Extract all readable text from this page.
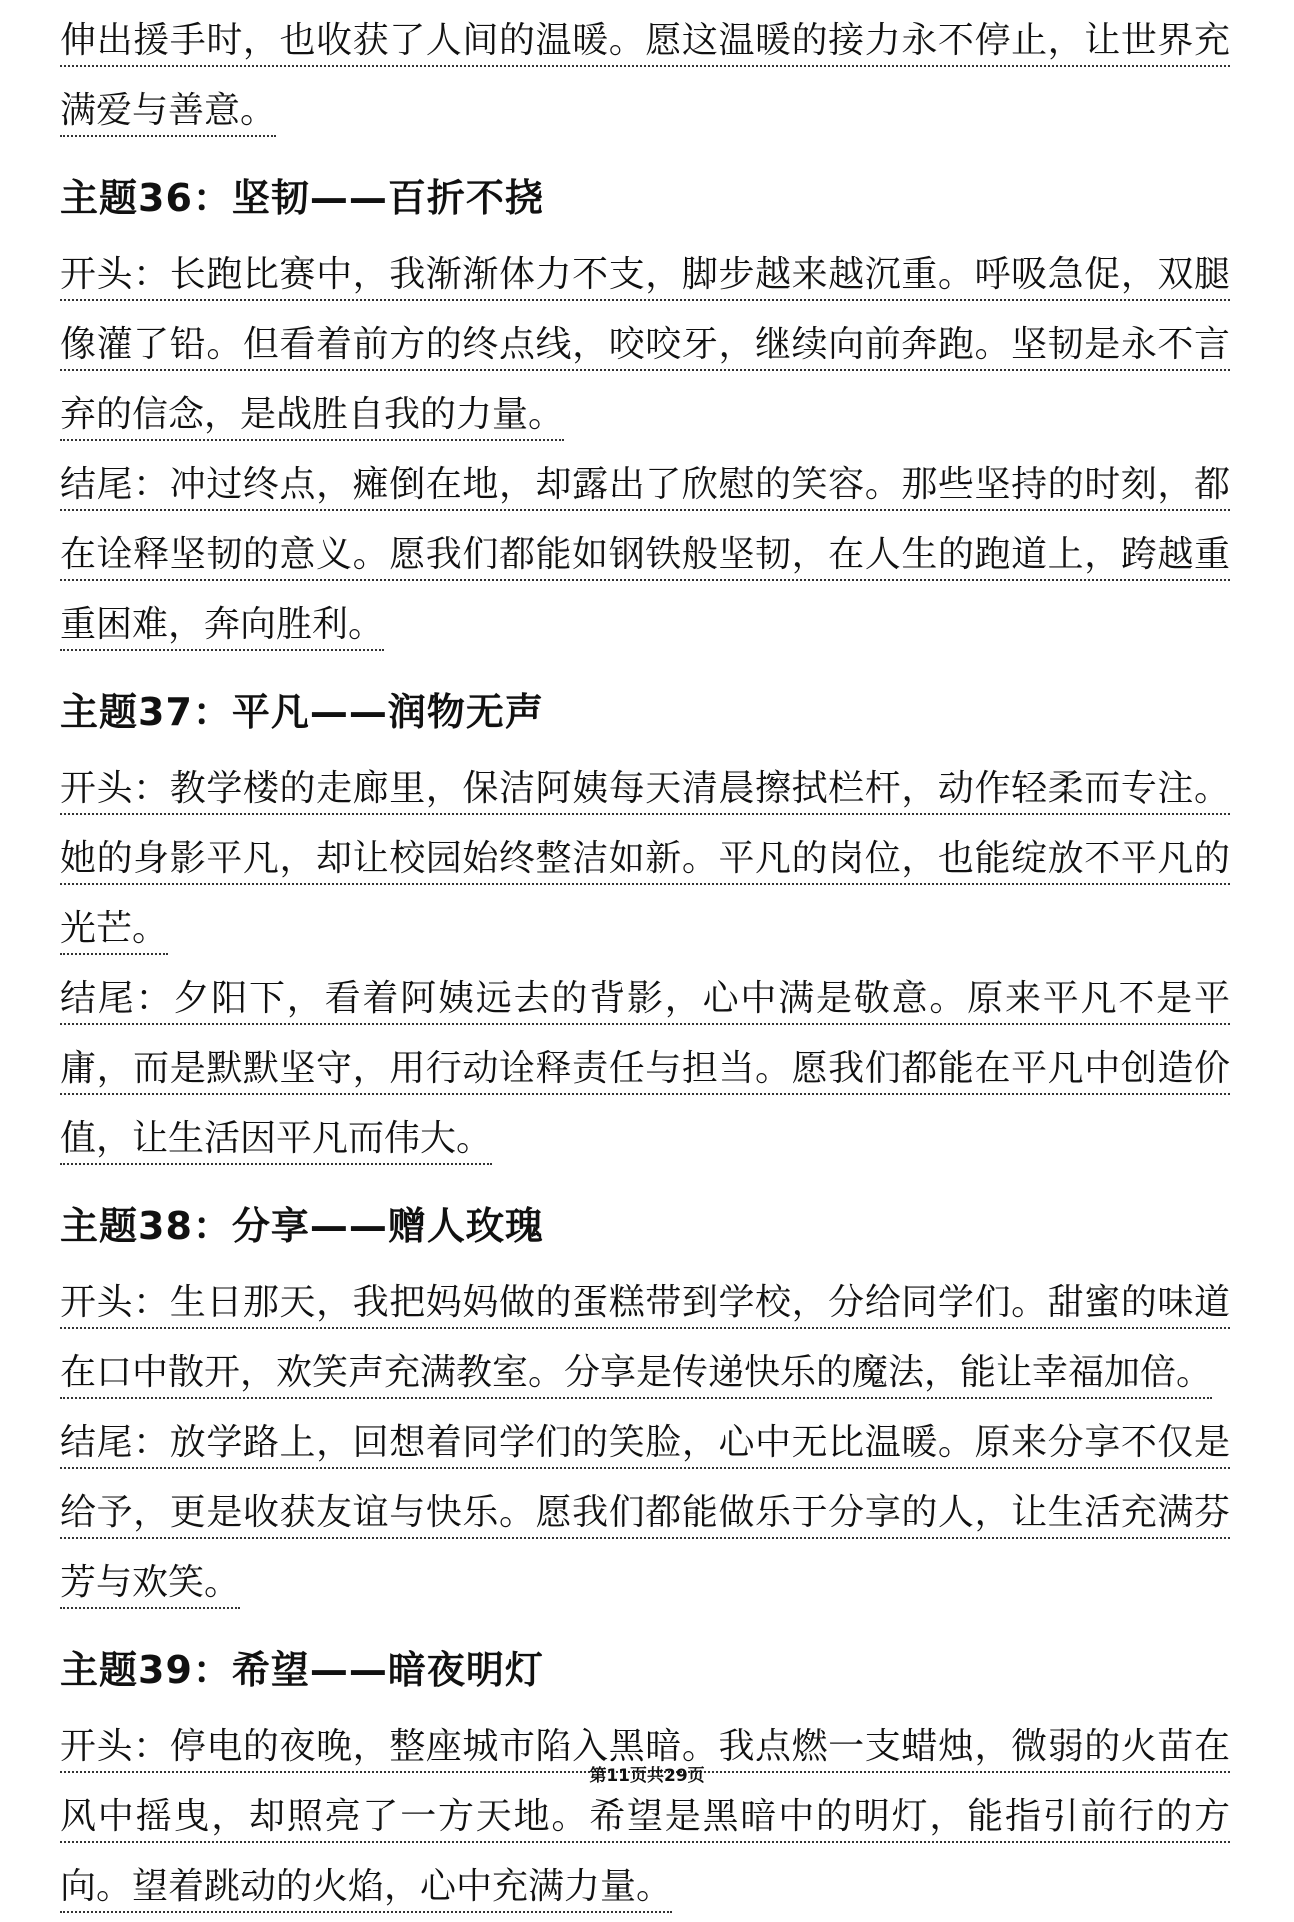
伸出援手时，也收获了人间的温暖。愿这温暖的接力永不停止，让世界充满爱与善意。

主题36：坚韧——百折不挠

开头：长跑比赛中，我渐渐体力不支，脚步越来越沉重。呼吸急促，双腿像灌了铅。但看着前方的终点线，咬咬牙，继续向前奔跑。坚韧是永不言弃的信念，是战胜自我的力量。

结尾：冲过终点，瘫倒在地，却露出了欣慰的笑容。那些坚持的时刻，都在诠释坚韧的意义。愿我们都能如钢铁般坚韧，在人生的跑道上，跨越重重困难，奔向胜利。

主题37：平凡——润物无声

开头：教学楼的走廊里，保洁阿姨每天清晨擦拭栏杆，动作轻柔而专注。她的身影平凡，却让校园始终整洁如新。平凡的岗位，也能绽放不平凡的光芒。

结尾：夕阳下，看着阿姨远去的背影，心中满是敬意。原来平凡不是平庸，而是默默坚守，用行动诠释责任与担当。愿我们都能在平凡中创造价值，让生活因平凡而伟大。

主题38：分享——赠人玫瑰

开头：生日那天，我把妈妈做的蛋糕带到学校，分给同学们。甜蜜的味道在口中散开，欢笑声充满教室。分享是传递快乐的魔法，能让幸福加倍。

结尾：放学路上，回想着同学们的笑脸，心中无比温暖。原来分享不仅是给予，更是收获友谊与快乐。愿我们都能做乐于分享的人，让生活充满芬芳与欢笑。

主题39：希望——暗夜明灯

开头：停电的夜晚，整座城市陷入黑暗。我点燃一支蜡烛，微弱的火苗在风中摇曳，却照亮了一方天地。希望是黑暗中的明灯，能指引前行的方向。望着跳动的火焰，心中充满力量。

第11页共29页
